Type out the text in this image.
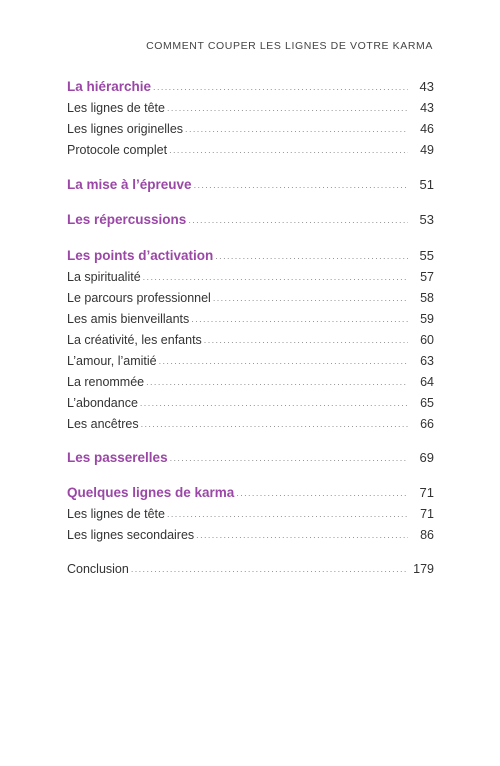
COMMENT COUPER LES LIGNES DE VOTRE KARMA
La hiérarchie .....	43
Les lignes de tête .....	43
Les lignes originelles .....	46
Protocole complet .....	49
La mise à l’épreuve .....	51
Les répercussions .....	53
Les points d’activation .....	55
La spiritualité .....	57
Le parcours professionnel .....	58
Les amis bienveillants .....	59
La créativité, les enfants .....	60
L’amour, l’amitié .....	63
La renommée .....	64
L’abondance .....	65
Les ancêtres .....	66
Les passerelles .....	69
Quelques lignes de karma .....	71
Les lignes de tête .....	71
Les lignes secondaires .....	86
Conclusion .....	179
